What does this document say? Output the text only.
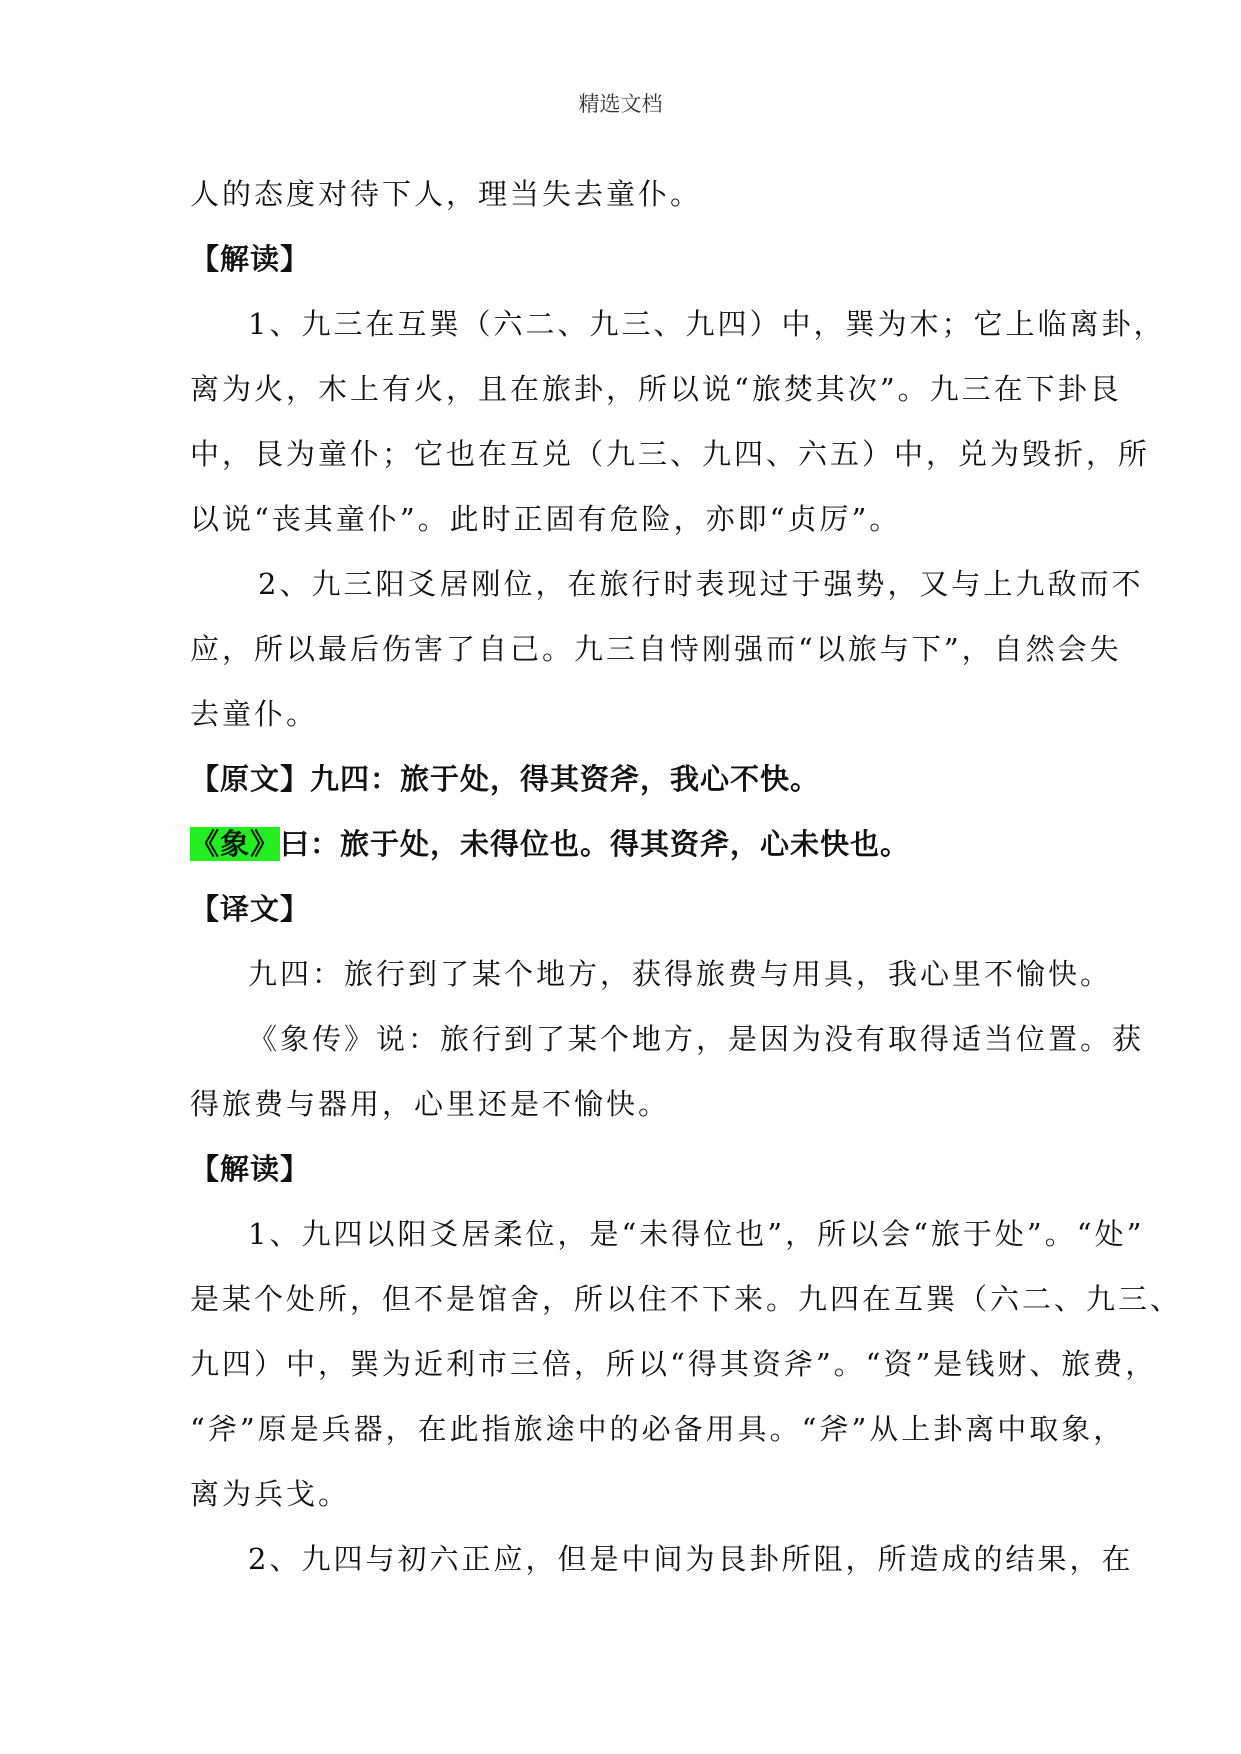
精选文档
人的态度对待下人，理当失去童仆。
【解读】
1、九三在互巽（六二、九三、九四）中，巽为木；它上临离卦，
离为火，木上有火，且在旅卦，所以说“旅焚其次”。九三在下卦艮
中，艮为童仆；它也在互兑（九三、九四、六五）中，兑为毁折，所
以说“丧其童仆”。此时正固有危险，亦即“贞厉”。
2、九三阳爻居刚位，在旅行时表现过于强势，又与上九敌而不
应，所以最后伤害了自己。九三自恃刚强而“以旅与下”，自然会失
去童仆。
【原文】九四：旅于处，得其资斧，我心不快。
《象》曰：旅于处，未得位也。得其资斧，心未快也。
【译文】
九四：旅行到了某个地方，获得旅费与用具，我心里不愉快。
《象传》说：旅行到了某个地方，是因为没有取得适当位置。获
得旅费与器用，心里还是不愉快。
【解读】
1、九四以阳爻居柔位，是“未得位也”，所以会“旅于处”。“处”
是某个处所，但不是馆舍，所以住不下来。九四在互巽（六二、九三、
九四）中，巽为近利市三倍，所以“得其资斧”。“资”是钱财、旅费，
“斧”原是兵器，在此指旅途中的必备用具。“斧”从上卦离中取象，
离为兵戈。
2、九四与初六正应，但是中间为艮卦所阻，所造成的结果，在
